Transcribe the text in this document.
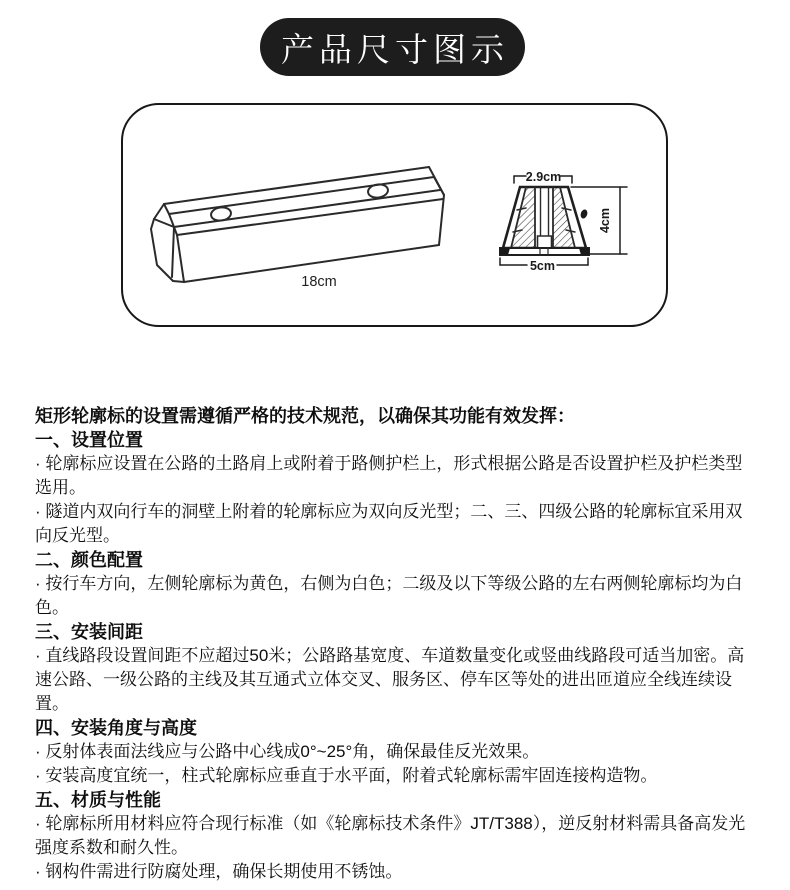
产品尺寸图示
18cm
2.9cm
5cm
4cm

矩形轮廓标的设置需遵循严格的技术规范，以确保其功能有效发挥：

一、设置位置

· 轮廓标应设置在公路的土路肩上或附着于路侧护栏上，形式根据公路是否设置护栏及护栏类型选用。

· 隧道内双向行车的洞壁上附着的轮廓标应为双向反光型；二、三、四级公路的轮廓标宜采用双向反光型。

二、颜色配置

· 按行车方向，左侧轮廓标为黄色，右侧为白色；二级及以下等级公路的左右两侧轮廓标均为白色。

三、安装间距

· 直线路段设置间距不应超过50米；公路路基宽度、车道数量变化或竖曲线路段可适当加密。高速公路、一级公路的主线及其互通式立体交叉、服务区、停车区等处的进出匝道应全线连续设置。

四、安装角度与高度

· 反射体表面法线应与公路中心线成0°~25°角，确保最佳反光效果。

· 安装高度宜统一，柱式轮廓标应垂直于水平面，附着式轮廓标需牢固连接构造物。

五、材质与性能

· 轮廓标所用材料应符合现行标准（如《轮廓标技术条件》JT/T388），逆反射材料需具备高发光强度系数和耐久性。

· 钢构件需进行防腐处理，确保长期使用不锈蚀。
